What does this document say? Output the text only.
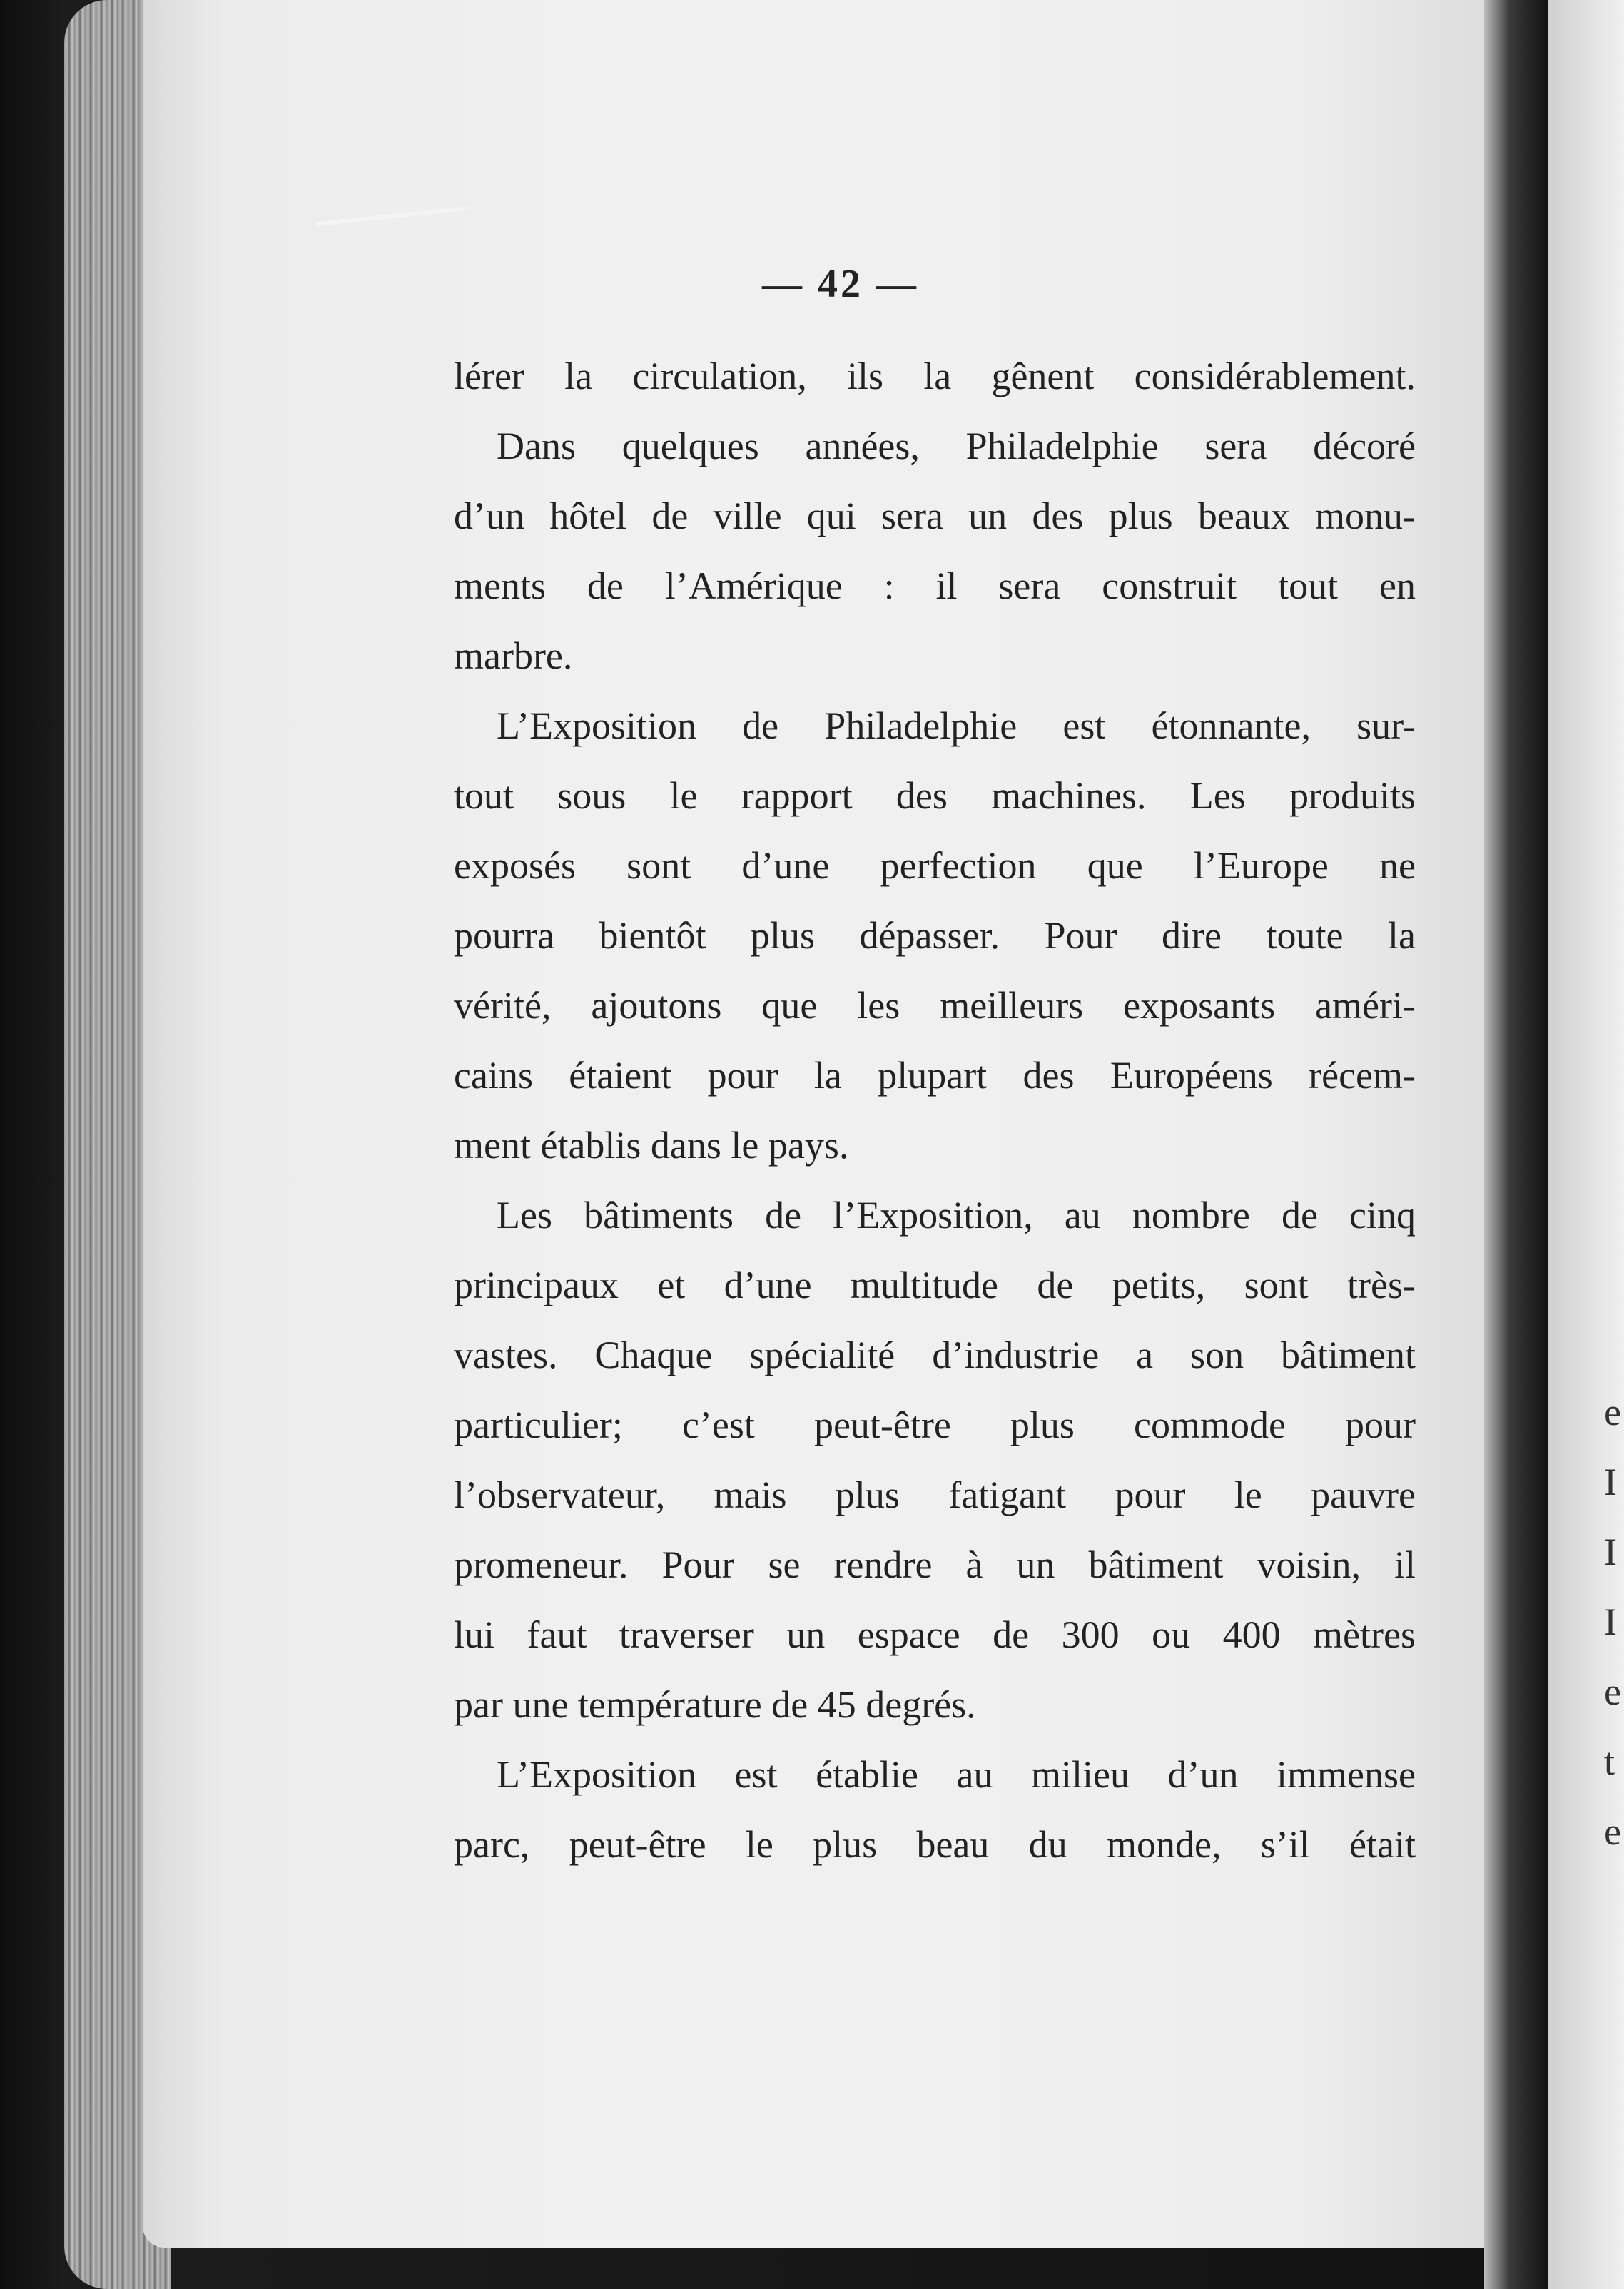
e
I
I
I
e
t
e
— 42 —
lérer la circulation, ils la gênent considérablement.
Dans quelques années, Philadelphie sera décoré
d’un hôtel de ville qui sera un des plus beaux monu-
ments de l’Amérique : il sera construit tout en
marbre.
L’Exposition de Philadelphie est étonnante, sur-
tout sous le rapport des machines. Les produits
exposés sont d’une perfection que l’Europe ne
pourra bientôt plus dépasser. Pour dire toute la
vérité, ajoutons que les meilleurs exposants améri-
cains étaient pour la plupart des Européens récem-
ment établis dans le pays.
Les bâtiments de l’Exposition, au nombre de cinq
principaux et d’une multitude de petits, sont très-
vastes. Chaque spécialité d’industrie a son bâtiment
particulier; c’est peut-être plus commode pour
l’observateur, mais plus fatigant pour le pauvre
promeneur. Pour se rendre à un bâtiment voisin, il
lui faut traverser un espace de 300 ou 400 mètres
par une température de 45 degrés.
L’Exposition est établie au milieu d’un immense
parc, peut-être le plus beau du monde, s’il était
